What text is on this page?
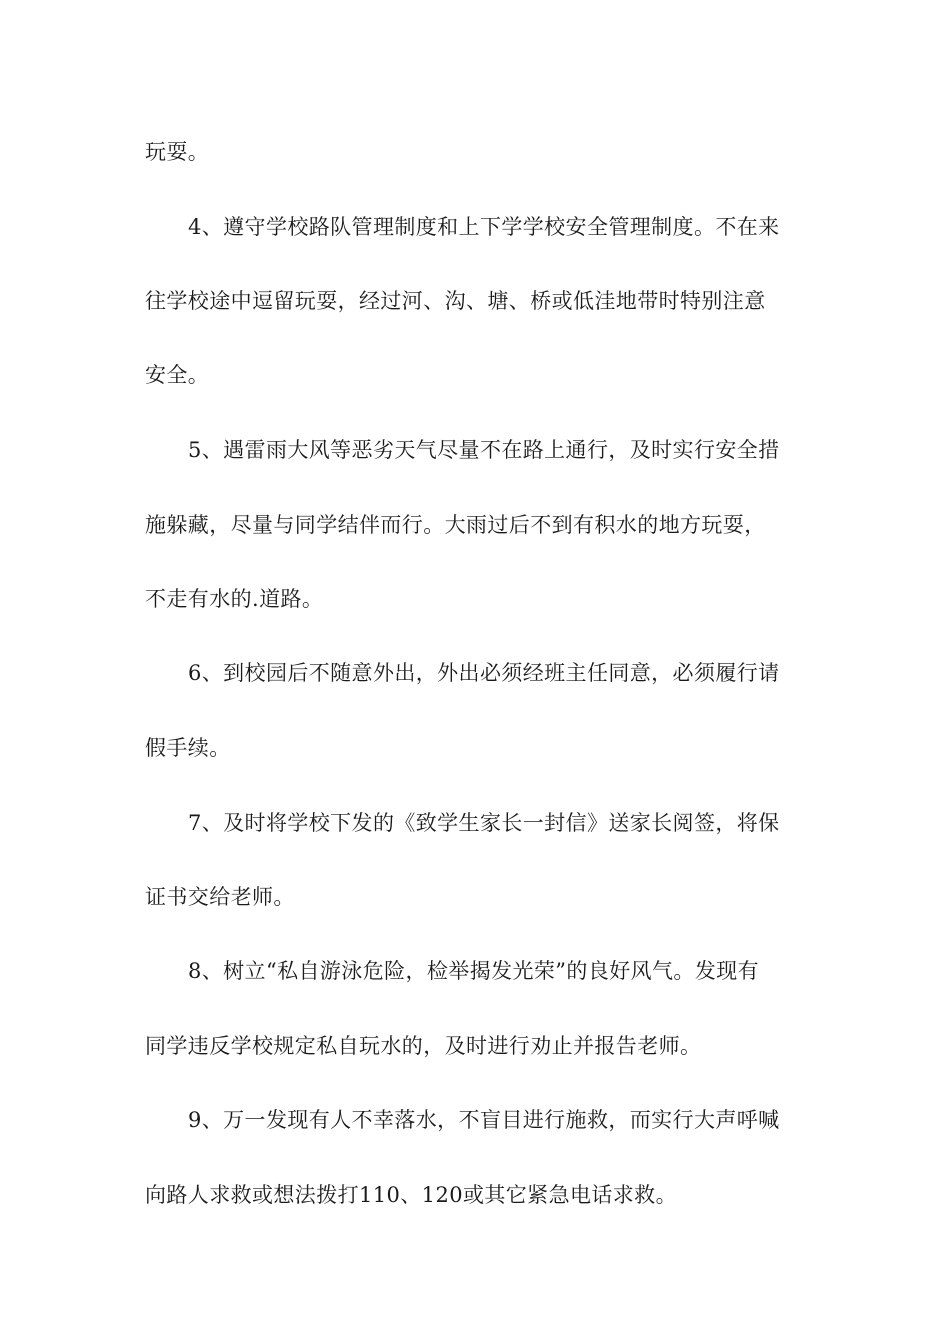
玩耍。
4、遵守学校路队管理制度和上下学学校安全管理制度。不在来
往学校途中逗留玩耍，经过河、沟、塘、桥或低洼地带时特别注意
安全。
5、遇雷雨大风等恶劣天气尽量不在路上通行，及时实行安全措
施躲藏，尽量与同学结伴而行。大雨过后不到有积水的地方玩耍，
不走有水的.道路。
6、到校园后不随意外出，外出必须经班主任同意，必须履行请
假手续。
7、及时将学校下发的《致学生家长一封信》送家长阅签，将保
证书交给老师。
8、树立“私自游泳危险，检举揭发光荣”的良好风气。发现有
同学违反学校规定私自玩水的，及时进行劝止并报告老师。
9、万一发现有人不幸落水，不盲目进行施救，而实行大声呼喊
向路人求救或想法拨打110、120或其它紧急电话求救。
